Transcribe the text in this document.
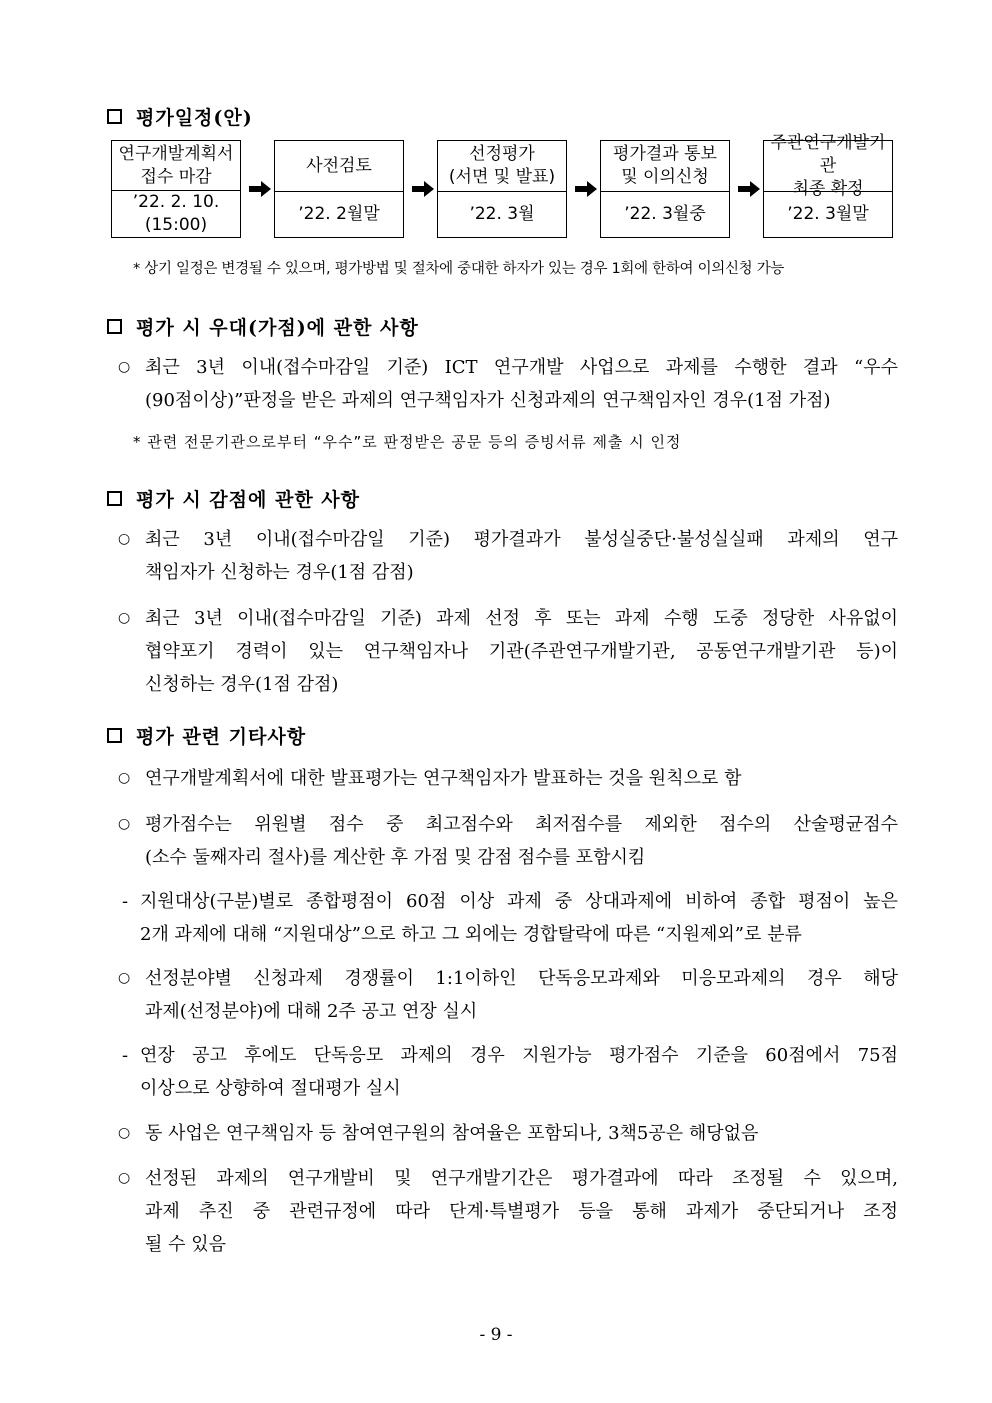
평가일정(안)
연구개발계획서
접수 마감
’22. 2. 10.
(15:00)
사전검토
’22. 2월말
선정평가
(서면 및 발표)
’22. 3월
평가결과 통보
및 이의신청
’22. 3월중
주관연구개발기관
최종 확정
’22. 3월말
* 상기 일정은 변경될 수 있으며, 평가방법 및 절차에 중대한 하자가 있는 경우 1회에 한하여 이의신청 가능
평가 시 우대(가점)에 관한 사항
○ 최근 3년 이내(접수마감일 기준) ICT 연구개발 사업으로 과제를 수행한 결과 “우수
(90점이상)”판정을 받은 과제의 연구책임자가 신청과제의 연구책임자인 경우(1점 가점)
* 관련 전문기관으로부터 “우수”로 판정받은 공문 등의 증빙서류 제출 시 인정
평가 시 감점에 관한 사항
○ 최근 3년 이내(접수마감일 기준) 평가결과가 불성실중단·불성실실패 과제의 연구
책임자가 신청하는 경우(1점 감점)
○ 최근 3년 이내(접수마감일 기준) 과제 선정 후 또는 과제 수행 도중 정당한 사유없이
협약포기 경력이 있는 연구책임자나 기관(주관연구개발기관, 공동연구개발기관 등)이
신청하는 경우(1점 감점)
평가 관련 기타사항
○ 연구개발계획서에 대한 발표평가는 연구책임자가 발표하는 것을 원칙으로 함
○ 평가점수는 위원별 점수 중 최고점수와 최저점수를 제외한 점수의 산술평균점수
(소수 둘째자리 절사)를 계산한 후 가점 및 감점 점수를 포함시킴
- 지원대상(구분)별로 종합평점이 60점 이상 과제 중 상대과제에 비하여 종합 평점이 높은
2개 과제에 대해 “지원대상”으로 하고 그 외에는 경합탈락에 따른 “지원제외”로 분류
○ 선정분야별 신청과제 경쟁률이 1:1이하인 단독응모과제와 미응모과제의 경우 해당
과제(선정분야)에 대해 2주 공고 연장 실시
- 연장 공고 후에도 단독응모 과제의 경우 지원가능 평가점수 기준을 60점에서 75점
이상으로 상향하여 절대평가 실시
○ 동 사업은 연구책임자 등 참여연구원의 참여율은 포함되나, 3책5공은 해당없음
○ 선정된 과제의 연구개발비 및 연구개발기간은 평가결과에 따라 조정될 수 있으며,
과제 추진 중 관련규정에 따라 단계·특별평가 등을 통해 과제가 중단되거나 조정
될 수 있음
- 9 -
